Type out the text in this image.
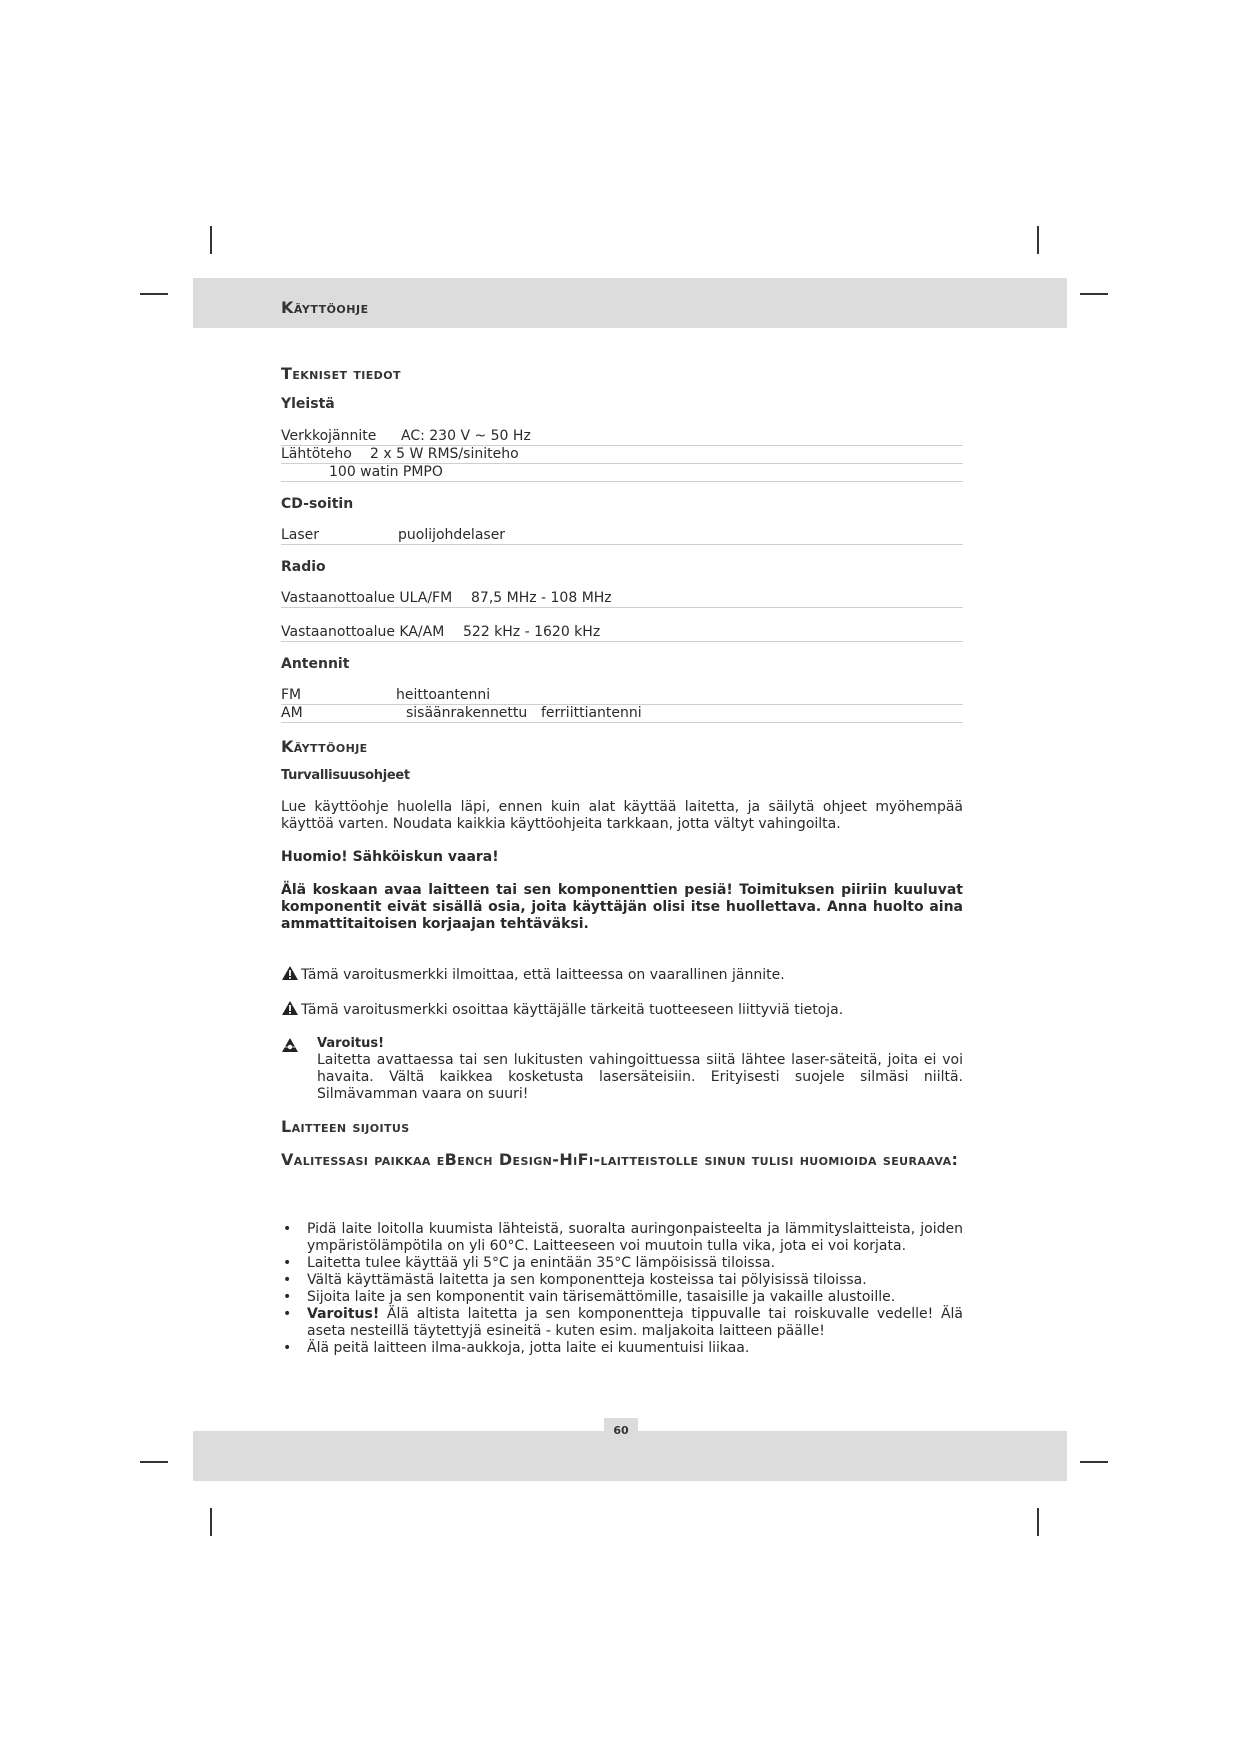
Käyttöohje
Tekniset tiedot
Yleistä
Verkkojännite AC: 230 V ~ 50 Hz
Lähtöteho 2 x 5 W RMS/siniteho
100 watin PMPO
CD-soitin
Laser	puolijohdelaser
Radio
Vastaanottoalue ULA/FM 87,5 MHz - 108 MHz
Vastaanottoalue KA/AM 522 kHz - 1620 kHz
Antennit
FM	heittoantenni
AM	sisäänrakennettu ferriittiantenni
Käyttöohje
Turvallisuusohjeet

Lue käyttöohje huolella läpi, ennen kuin alat käyttää laitetta, ja säilytä ohjeet myöhempää käyttöä varten. Noudata kaikkia käyttöohjeita tarkkaan, jotta vältyt vahingoilta.

Huomio! Sähköiskun vaara!

Älä koskaan avaa laitteen tai sen komponenttien pesiä! Toimituksen piiriin kuuluvat komponentit eivät sisällä osia, joita käyttäjän olisi itse huollettava. Anna huolto aina ammattitaitoisen korjaajan tehtäväksi.

Tämä varoitusmerkki ilmoittaa, että laitteessa on vaarallinen jännite.

Tämä varoitusmerkki osoittaa käyttäjälle tärkeitä tuotteeseen liittyviä tietoja.

Varoitus!

Laitetta avattaessa tai sen lukitusten vahingoittuessa siitä lähtee laser-säteitä, joita ei voi havaita. Vältä kaikkea kosketusta lasersäteisiin. Erityisesti suojele silmäsi niiltä. Silmävamman vaara on suuri!

Laitteen sijoitus
Valitessasi paikkaa eBench Design-HiFi-laitteistolle sinun tulisi huomioida seuraava:
• Pidä laite loitolla kuumista lähteistä, suoralta auringonpaisteelta ja lämmityslaitteista, joiden ympäristölämpötila on yli 60°C. Laitteeseen voi muutoin tulla vika, jota ei voi korjata.
• Laitetta tulee käyttää yli 5°C ja enintään 35°C lämpöisissä tiloissa.
• Vältä käyttämästä laitetta ja sen komponentteja kosteissa tai pölyisissä tiloissa.
• Sijoita laite ja sen komponentit vain tärisemättömille, tasaisille ja vakaille alustoille.
• Varoitus! Älä altista laitetta ja sen komponentteja tippuvalle tai roiskuvalle vedelle! Älä aseta nesteillä täytettyjä esineitä - kuten esim. maljakoita laitteen päälle!
• Älä peitä laitteen ilma-aukkoja, jotta laite ei kuumentuisi liikaa.
60
